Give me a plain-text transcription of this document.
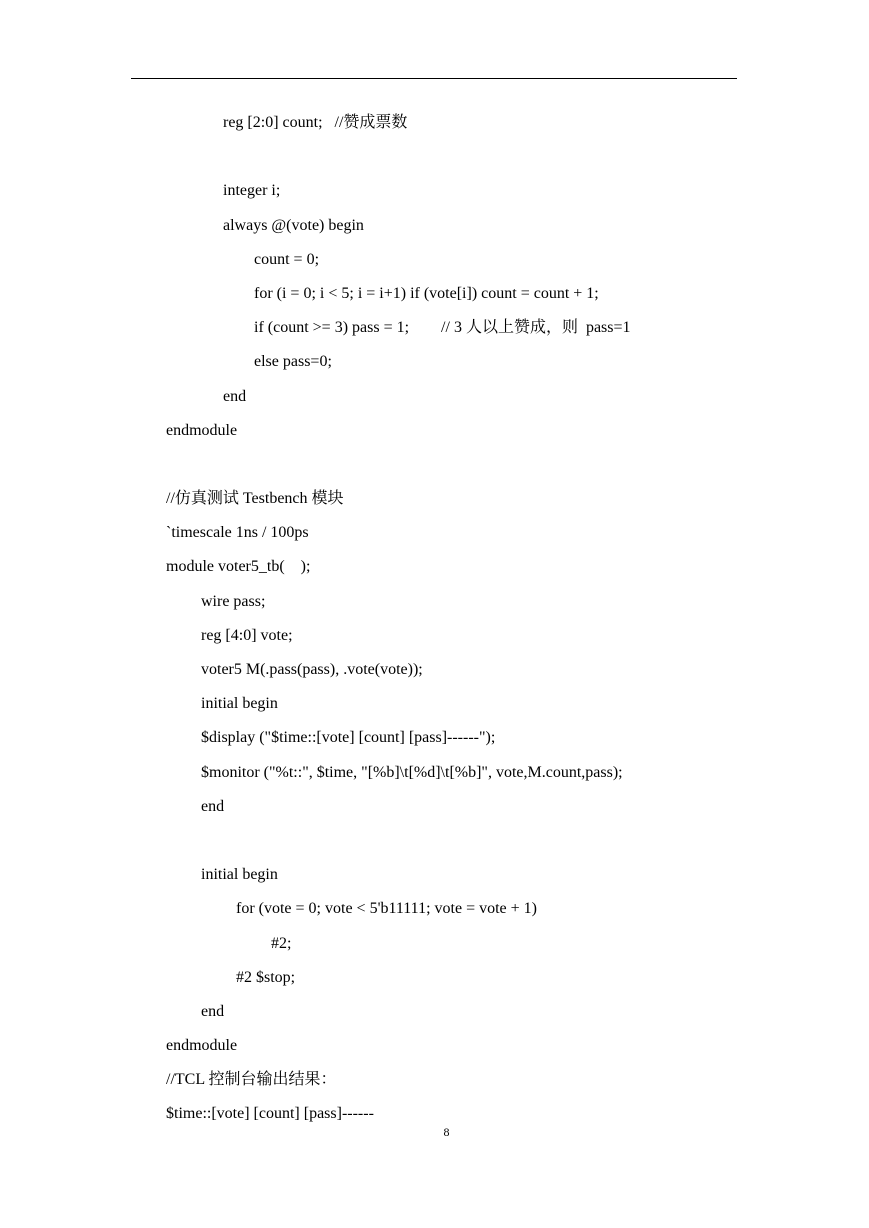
reg [2:0] count;   //赞成票数
integer i;
always @(vote) begin
count = 0;
for (i = 0; i < 5; i = i+1) if (vote[i]) count = count + 1;
if (count >= 3) pass = 1;        // 3 人以上赞成，则  pass=1
else pass=0;
end
endmodule
//仿真测试 Testbench 模块
`timescale 1ns / 100ps
module voter5_tb(    );
wire pass;
reg [4:0] vote;
voter5 M(.pass(pass), .vote(vote));
initial begin
$display ("$time::[vote] [count] [pass]------");
$monitor ("%t::", $time, "[%b]\t[%d]\t[%b]", vote,M.count,pass);
end
initial begin
for (vote = 0; vote < 5'b11111; vote = vote + 1)
#2;
#2 $stop;
end
endmodule
//TCL 控制台输出结果：
$time::[vote] [count] [pass]------
8
